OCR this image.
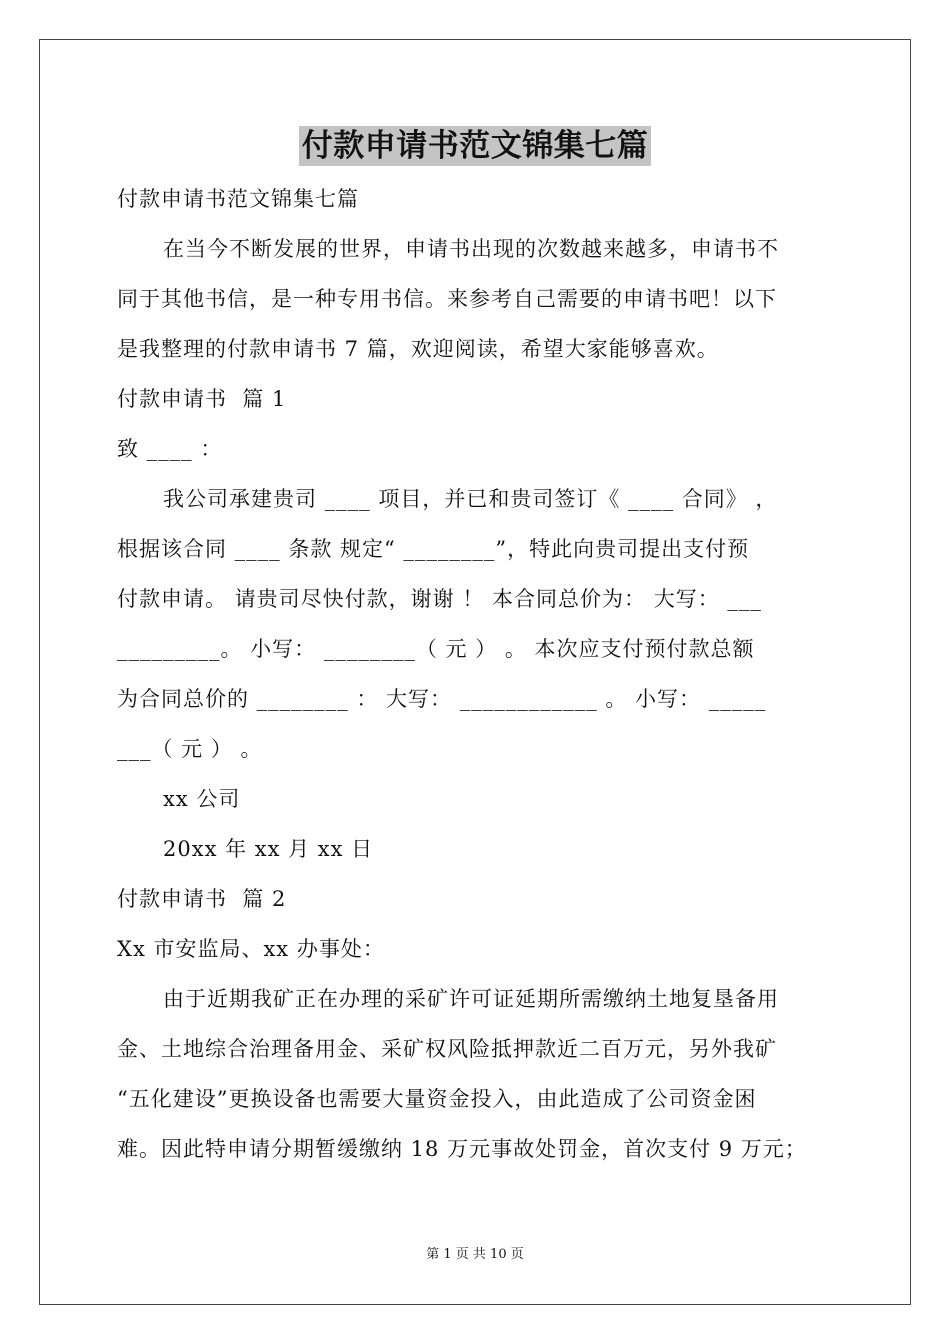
付款申请书范文锦集七篇
付款申请书范文锦集七篇
在当今不断发展的世界，申请书出现的次数越来越多，申请书不
同于其他书信，是一种专用书信。来参考自己需要的申请书吧！以下
是我整理的付款申请书 7 篇，欢迎阅读，希望大家能够喜欢。
付款申请书  篇 1
致 ____ ：
我公司承建贵司 ____ 项目，并已和贵司签订《 ____ 合同》 ，
根据该合同 ____ 条款 规定“ ________”，特此向贵司提出支付预
付款申请。 请贵司尽快付款，谢谢 ！ 本合同总价为： 大写： ___
_________。 小写： ________（ 元 ） 。 本次应支付预付款总额
为合同总价的 ________ ： 大写： ____________ 。 小写： _____
___（ 元 ） 。
xx 公司
20xx 年 xx 月 xx 日
付款申请书  篇 2
Xx 市安监局、xx 办事处：
由于近期我矿正在办理的采矿许可证延期所需缴纳土地复垦备用
金、土地综合治理备用金、采矿权风险抵押款近二百万元，另外我矿
“五化建设”更换设备也需要大量资金投入，由此造成了公司资金困
难。因此特申请分期暂缓缴纳 18 万元事故处罚金，首次支付 9 万元；
第 1 页 共 10 页
